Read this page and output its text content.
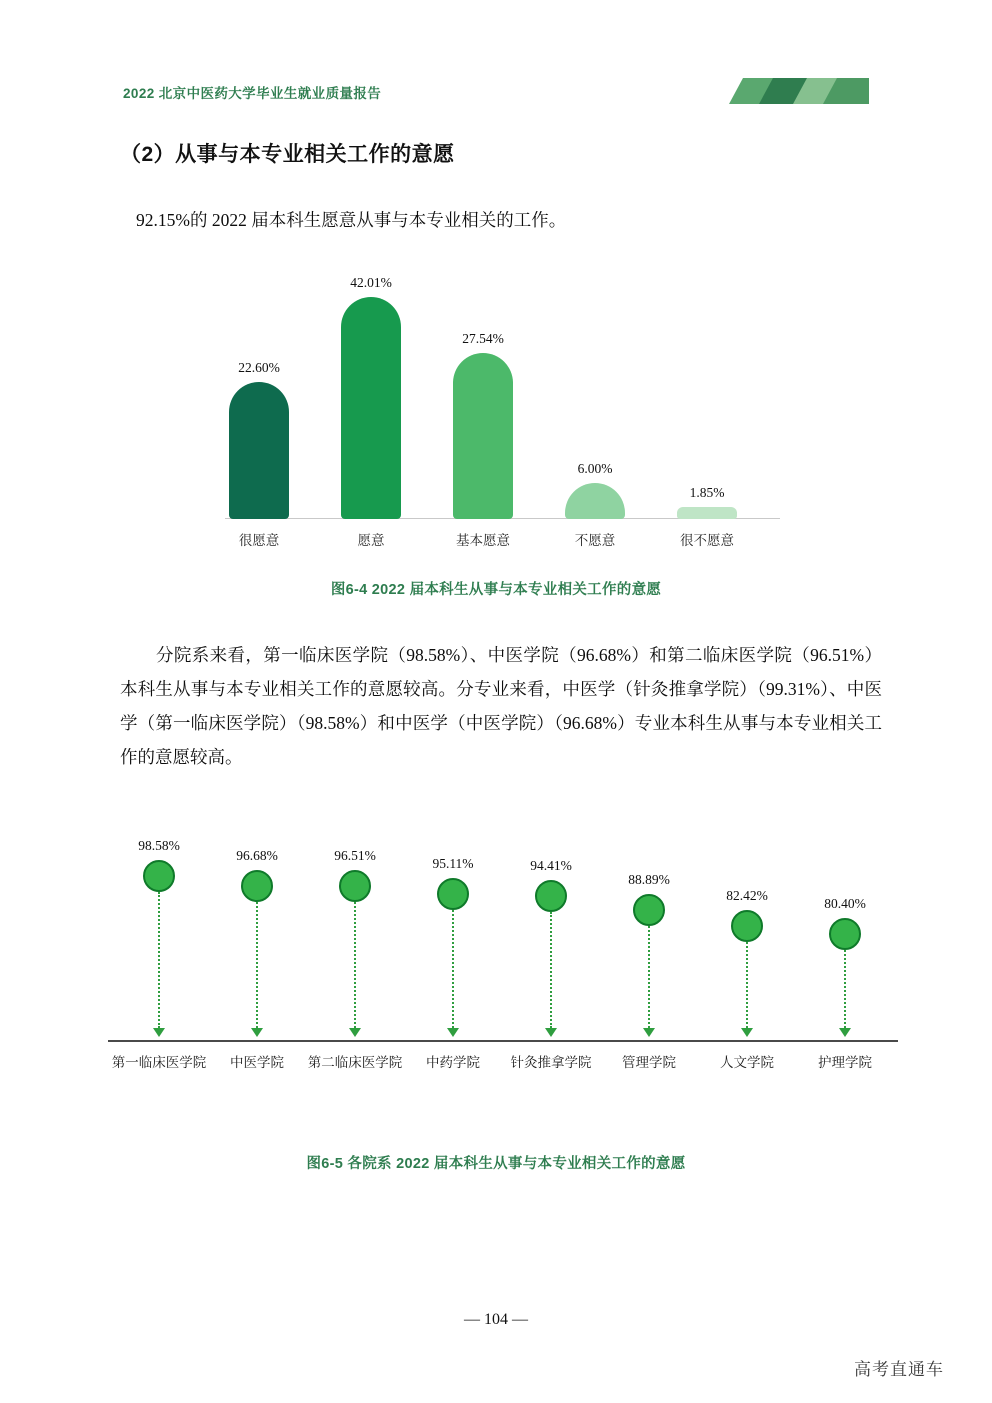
2022 北京中医药大学毕业生就业质量报告
（2）从事与本专业相关工作的意愿
92.15%的 2022 届本科生愿意从事与本专业相关的工作。
22.60%
很愿意
42.01%
愿意
27.54%
基本愿意
6.00%
不愿意
1.85%
很不愿意
图6-4 2022 届本科生从事与本专业相关工作的意愿
分院系来看，第一临床医学院（98.58%）、中医学院（96.68%）和第二临床医学院（96.51%）本科生从事与本专业相关工作的意愿较高。分专业来看，中医学（针灸推拿学院）（99.31%）、中医学（第一临床医学院）（98.58%）和中医学（中医学院）（96.68%）专业本科生从事与本专业相关工作的意愿较高。
98.58%
第一临床医学院
96.68%
中医学院
96.51%
第二临床医学院
95.11%
中药学院
94.41%
针灸推拿学院
88.89%
管理学院
82.42%
人文学院
80.40%
护理学院
图6-5 各院系 2022 届本科生从事与本专业相关工作的意愿
— 104 —
高考直通车
